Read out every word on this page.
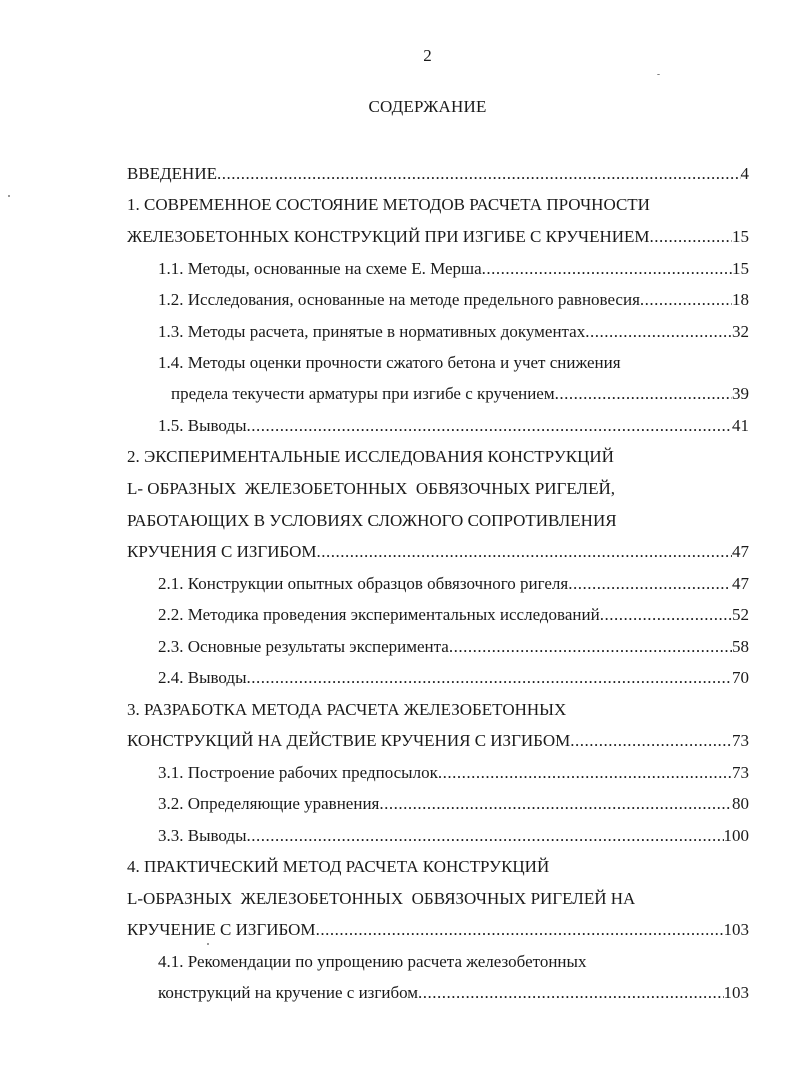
2
СОДЕРЖАНИЕ
ВВЕДЕНИЕ .....	4
1. СОВРЕМЕННОЕ СОСТОЯНИЕ МЕТОДОВ РАСЧЕТА ПРОЧНОСТИ
ЖЕЛЕЗОБЕТОННЫХ КОНСТРУКЦИЙ ПРИ ИЗГИБЕ С КРУЧЕНИЕМ .....	15
1.1. Методы, основанные на схеме Е. Мерша .....	15
1.2. Исследования, основанные на методе предельного равновесия .....	18
1.3. Методы расчета, принятые в нормативных документах .....	32
1.4. Методы оценки прочности сжатого бетона и учет снижения
предела текучести арматуры при изгибе с кручением .....	39
1.5. Выводы .....	41
2. ЭКСПЕРИМЕНТАЛЬНЫЕ ИССЛЕДОВАНИЯ КОНСТРУКЦИЙ
L- ОБРАЗНЫХ  ЖЕЛЕЗОБЕТОННЫХ  ОБВЯЗОЧНЫХ РИГЕЛЕЙ,
РАБОТАЮЩИХ В УСЛОВИЯХ СЛОЖНОГО СОПРОТИВЛЕНИЯ
КРУЧЕНИЯ С ИЗГИБОМ .....	47
2.1. Конструкции опытных образцов обвязочного ригеля .....	47
2.2. Методика проведения экспериментальных исследований .....	52
2.3. Основные результаты эксперимента .....	58
2.4. Выводы .....	70
3. РАЗРАБОТКА МЕТОДА РАСЧЕТА ЖЕЛЕЗОБЕТОННЫХ
КОНСТРУКЦИЙ НА ДЕЙСТВИЕ КРУЧЕНИЯ С ИЗГИБОМ .....	73
3.1. Построение рабочих предпосылок .....	73
3.2. Определяющие уравнения .....	80
3.3. Выводы .....	100
4. ПРАКТИЧЕСКИЙ МЕТОД РАСЧЕТА КОНСТРУКЦИЙ
L-ОБРАЗНЫХ  ЖЕЛЕЗОБЕТОННЫХ  ОБВЯЗОЧНЫХ РИГЕЛЕЙ НА
КРУЧЕНИЕ С ИЗГИБОМ .....	103
4.1. Рекомендации по упрощению расчета железобетонных
конструкций на кручение с изгибом .....	103
